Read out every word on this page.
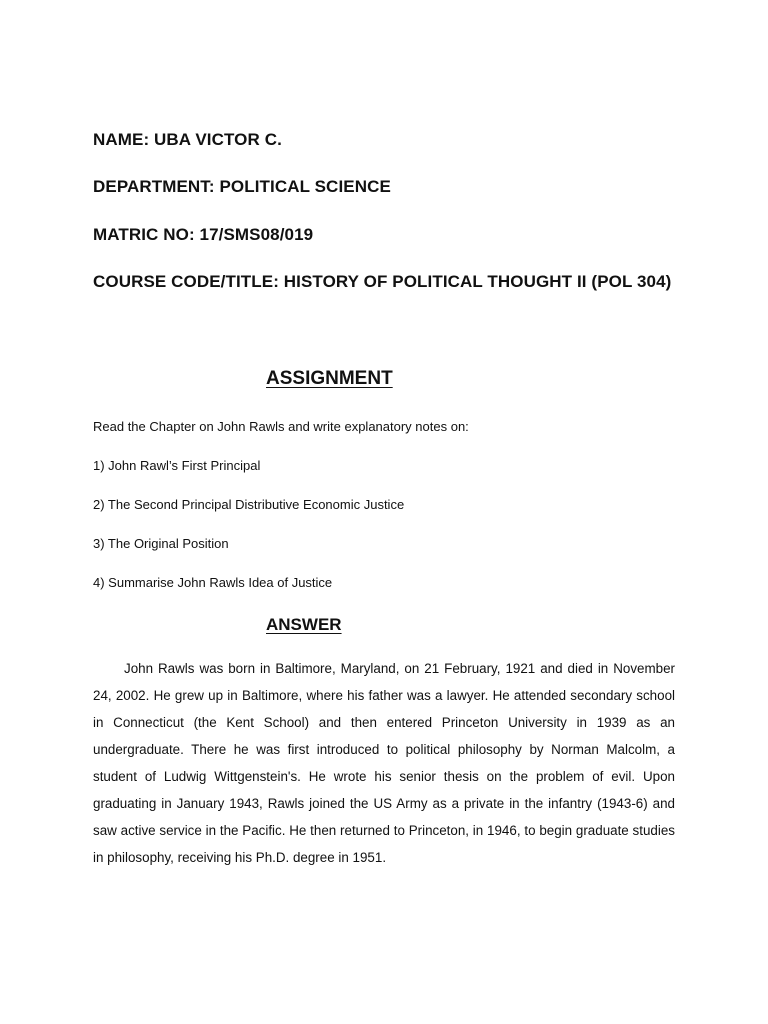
NAME: UBA VICTOR C.
DEPARTMENT: POLITICAL SCIENCE
MATRIC NO: 17/SMS08/019
COURSE CODE/TITLE: HISTORY OF POLITICAL THOUGHT II (POL 304)
ASSIGNMENT
Read the Chapter on John Rawls and write explanatory notes on:
1) John Rawl’s First Principal
2) The Second Principal Distributive Economic Justice
3) The Original Position
4) Summarise John Rawls Idea of Justice
ANSWER

John Rawls was born in Baltimore, Maryland, on 21 February, 1921 and died in November 24, 2002. He grew up in Baltimore, where his father was a lawyer. He attended secondary school in Connecticut (the Kent School) and then entered Princeton University in 1939 as an undergraduate. There he was first introduced to political philosophy by Norman Malcolm, a student of Ludwig Wittgenstein's. He wrote his senior thesis on the problem of evil. Upon graduating in January 1943, Rawls joined the US Army as a private in the infantry (1943-6) and saw active service in the Pacific. He then returned to Princeton, in 1946, to begin graduate studies in philosophy, receiving his Ph.D. degree in 1951.
